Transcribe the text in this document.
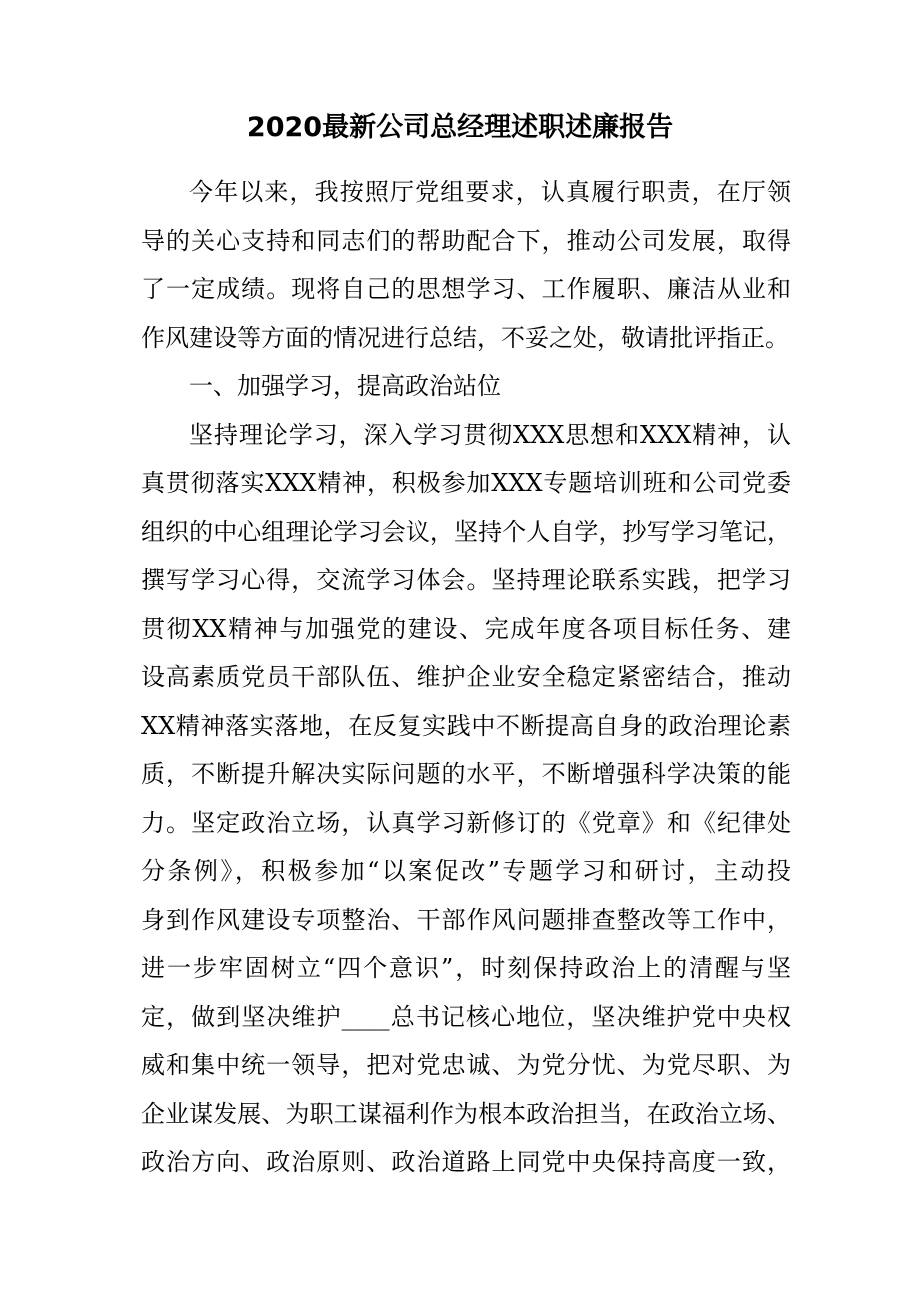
2020最新公司总经理述职述廉报告
今年以来，我按照厅党组要求，认真履行职责，在厅领
导的关心支持和同志们的帮助配合下，推动公司发展，取得
了一定成绩。现将自己的思想学习、工作履职、廉洁从业和
作风建设等方面的情况进行总结，不妥之处，敬请批评指正。
一、加强学习，提高政治站位
坚持理论学习，深入学习贯彻XXX思想和XXX精神，认
真贯彻落实XXX精神，积极参加XXX专题培训班和公司党委
组织的中心组理论学习会议，坚持个人自学，抄写学习笔记，
撰写学习心得，交流学习体会。坚持理论联系实践，把学习
贯彻XX精神与加强党的建设、完成年度各项目标任务、建
设高素质党员干部队伍、维护企业安全稳定紧密结合，推动
XX精神落实落地，在反复实践中不断提高自身的政治理论素
质，不断提升解决实际问题的水平，不断增强科学决策的能
力。坚定政治立场，认真学习新修订的《党章》和《纪律处
分条例》，积极参加“以案促改”专题学习和研讨，主动投
身到作风建设专项整治、干部作风问题排查整改等工作中，
进一步牢固树立“四个意识”，时刻保持政治上的清醒与坚
定，做到坚决维护____总书记核心地位，坚决维护党中央权
威和集中统一领导，把对党忠诚、为党分忧、为党尽职、为
企业谋发展、为职工谋福利作为根本政治担当，在政治立场、
政治方向、政治原则、政治道路上同党中央保持高度一致，
